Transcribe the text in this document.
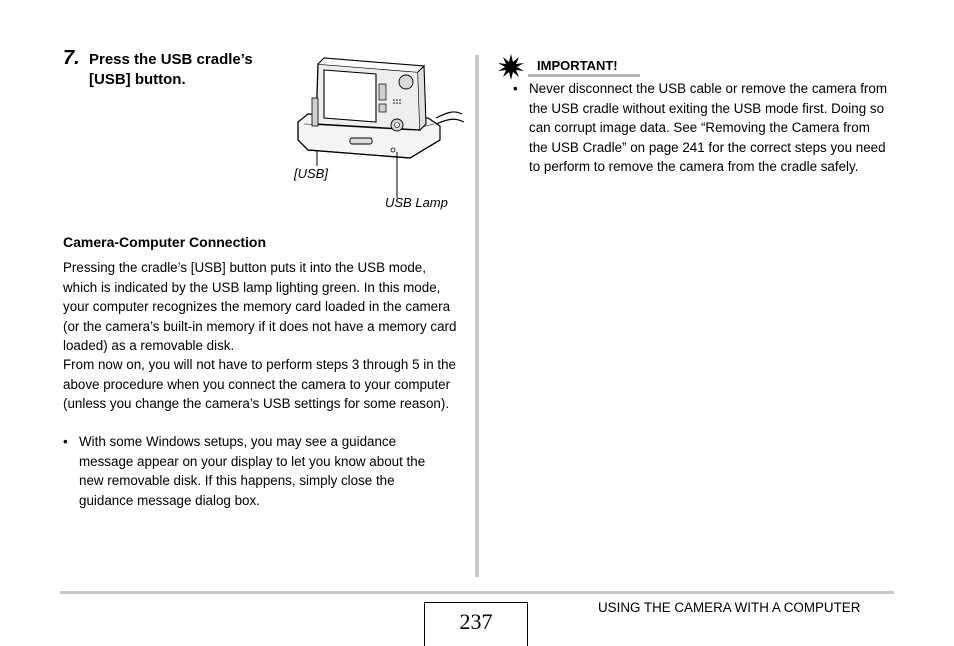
7. Press the USB cradle’s [USB] button.
[USB]
USB Lamp
Camera-Computer Connection
Pressing the cradle’s [USB] button puts it into the USB mode, which is indicated by the USB lamp lighting green. In this mode, your computer recognizes the memory card loaded in the camera (or the camera’s built-in memory if it does not have a memory card loaded) as a removable disk.
From now on, you will not have to perform steps 3 through 5 in the above procedure when you connect the camera to your computer (unless you change the camera’s USB settings for some reason).
• With some Windows setups, you may see a guidance message appear on your display to let you know about the new removable disk. If this happens, simply close the guidance message dialog box.
IMPORTANT!
• Never disconnect the USB cable or remove the camera from the USB cradle without exiting the USB mode first. Doing so can corrupt image data. See “Removing the Camera from the USB Cradle” on page 241 for the correct steps you need to perform to remove the camera from the cradle safely.
237
USING THE CAMERA WITH A COMPUTER
